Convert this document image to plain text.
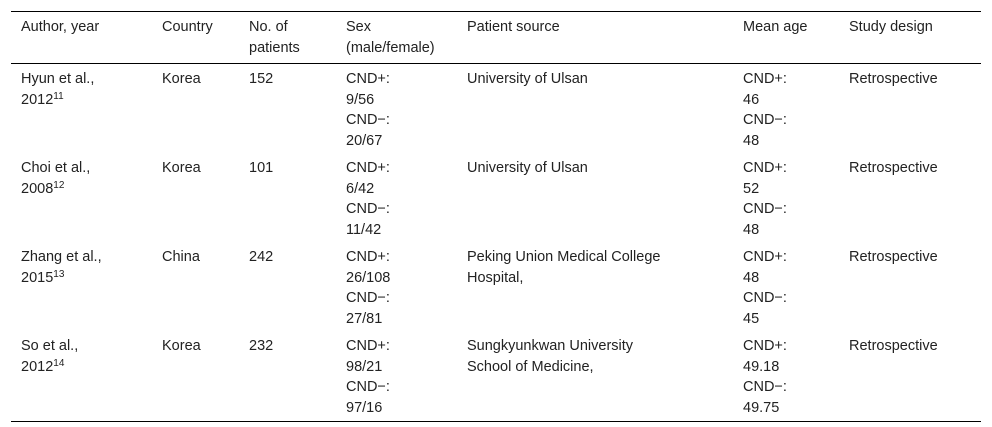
Author, year	Country	No. of
patients	Sex
(male/female)	Patient source	Mean age	Study design

Hyun et al.,
2012$^{11}$	Korea	152	CND+:
9/56
CND−:
20/67	University of Ulsan	CND+:
46
CND−:
48	Retrospective

Choi et al.,
2008$^{12}$	Korea	101	CND+:
6/42
CND−:
11/42	University of Ulsan	CND+:
52
CND−:
48	Retrospective

Zhang et al.,
2015$^{13}$	China	242	CND+:
26/108
CND−:
27/81	Peking Union Medical College
Hospital,	CND+:
48
CND−:
45	Retrospective

So et al.,
2012$^{14}$	Korea	232	CND+:
98/21
CND−:
97/16	Sungkyunkwan University
School of Medicine,	CND+:
49.18
CND−:
49.75	Retrospective
